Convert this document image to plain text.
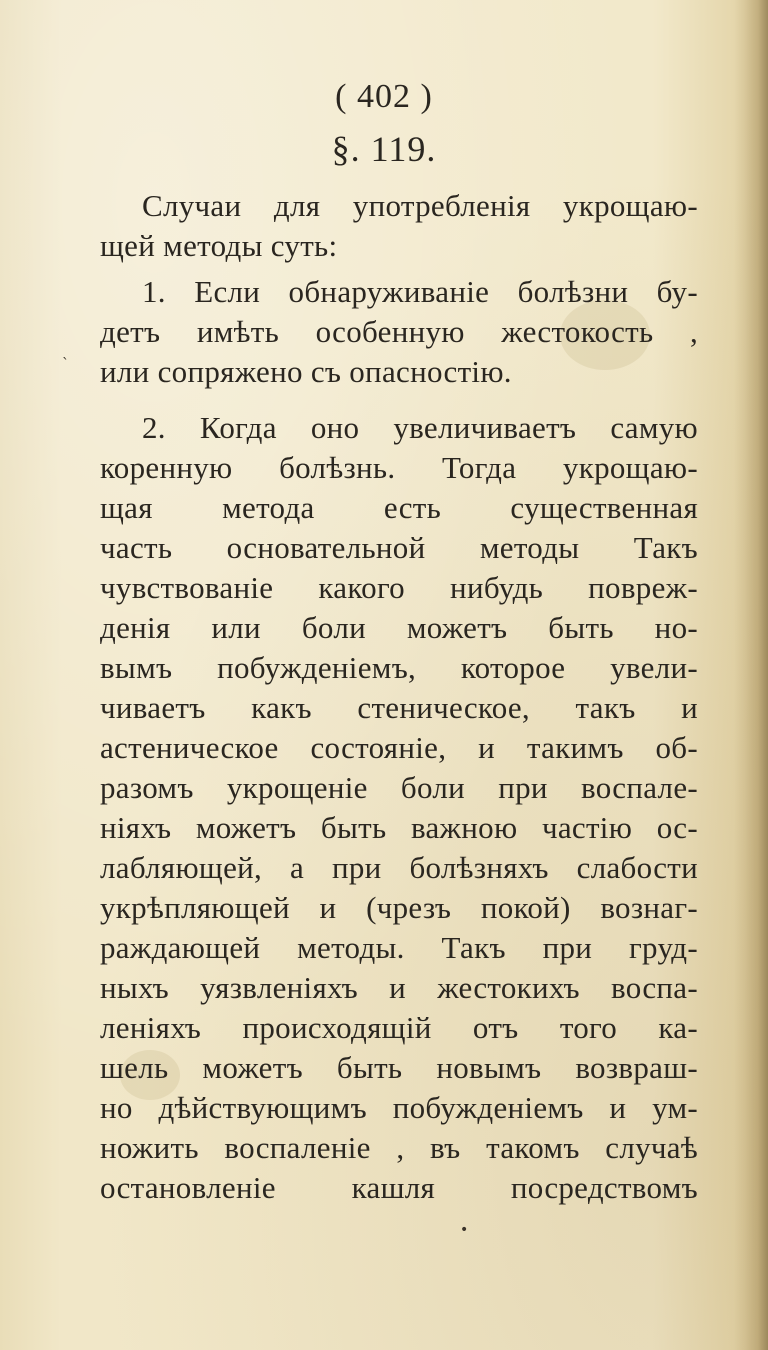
( 402 )
§. 119.
Случаи для употребленія укрощаю-
щей методы суть:
1. Если обнаруживаніе болѣзни бу-
детъ имѣть особенную жестокость ,
или сопряжено съ опасностію.
2. Когда оно увеличиваетъ самую
коренную болѣзнь. Тогда укрощаю-
щая метода есть существенная
часть основательной методы Такъ
чувствованіе какого нибудь повреж-
денія или боли можетъ быть но-
вымъ побужденіемъ, которое увели-
чиваетъ какъ стеническое, такъ и
астеническое состояніе, и такимъ об-
разомъ укрощеніе боли при воспале-
ніяхъ можетъ быть важною частію ос-
лабляющей, а при болѣзняхъ слабости
укрѣпляющей и (чрезъ покой) вознаг-
раждающей методы. Такъ при груд-
ныхъ уязвленіяхъ и жестокихъ воспа-
леніяхъ происходящій отъ того ка-
шель можетъ быть новымъ возвраш-
но дѣйствующимъ побужденіемъ и ум-
ножить воспаленіе , въ такомъ случаѣ
остановленіе кашля посредствомъ
ˎ
•
